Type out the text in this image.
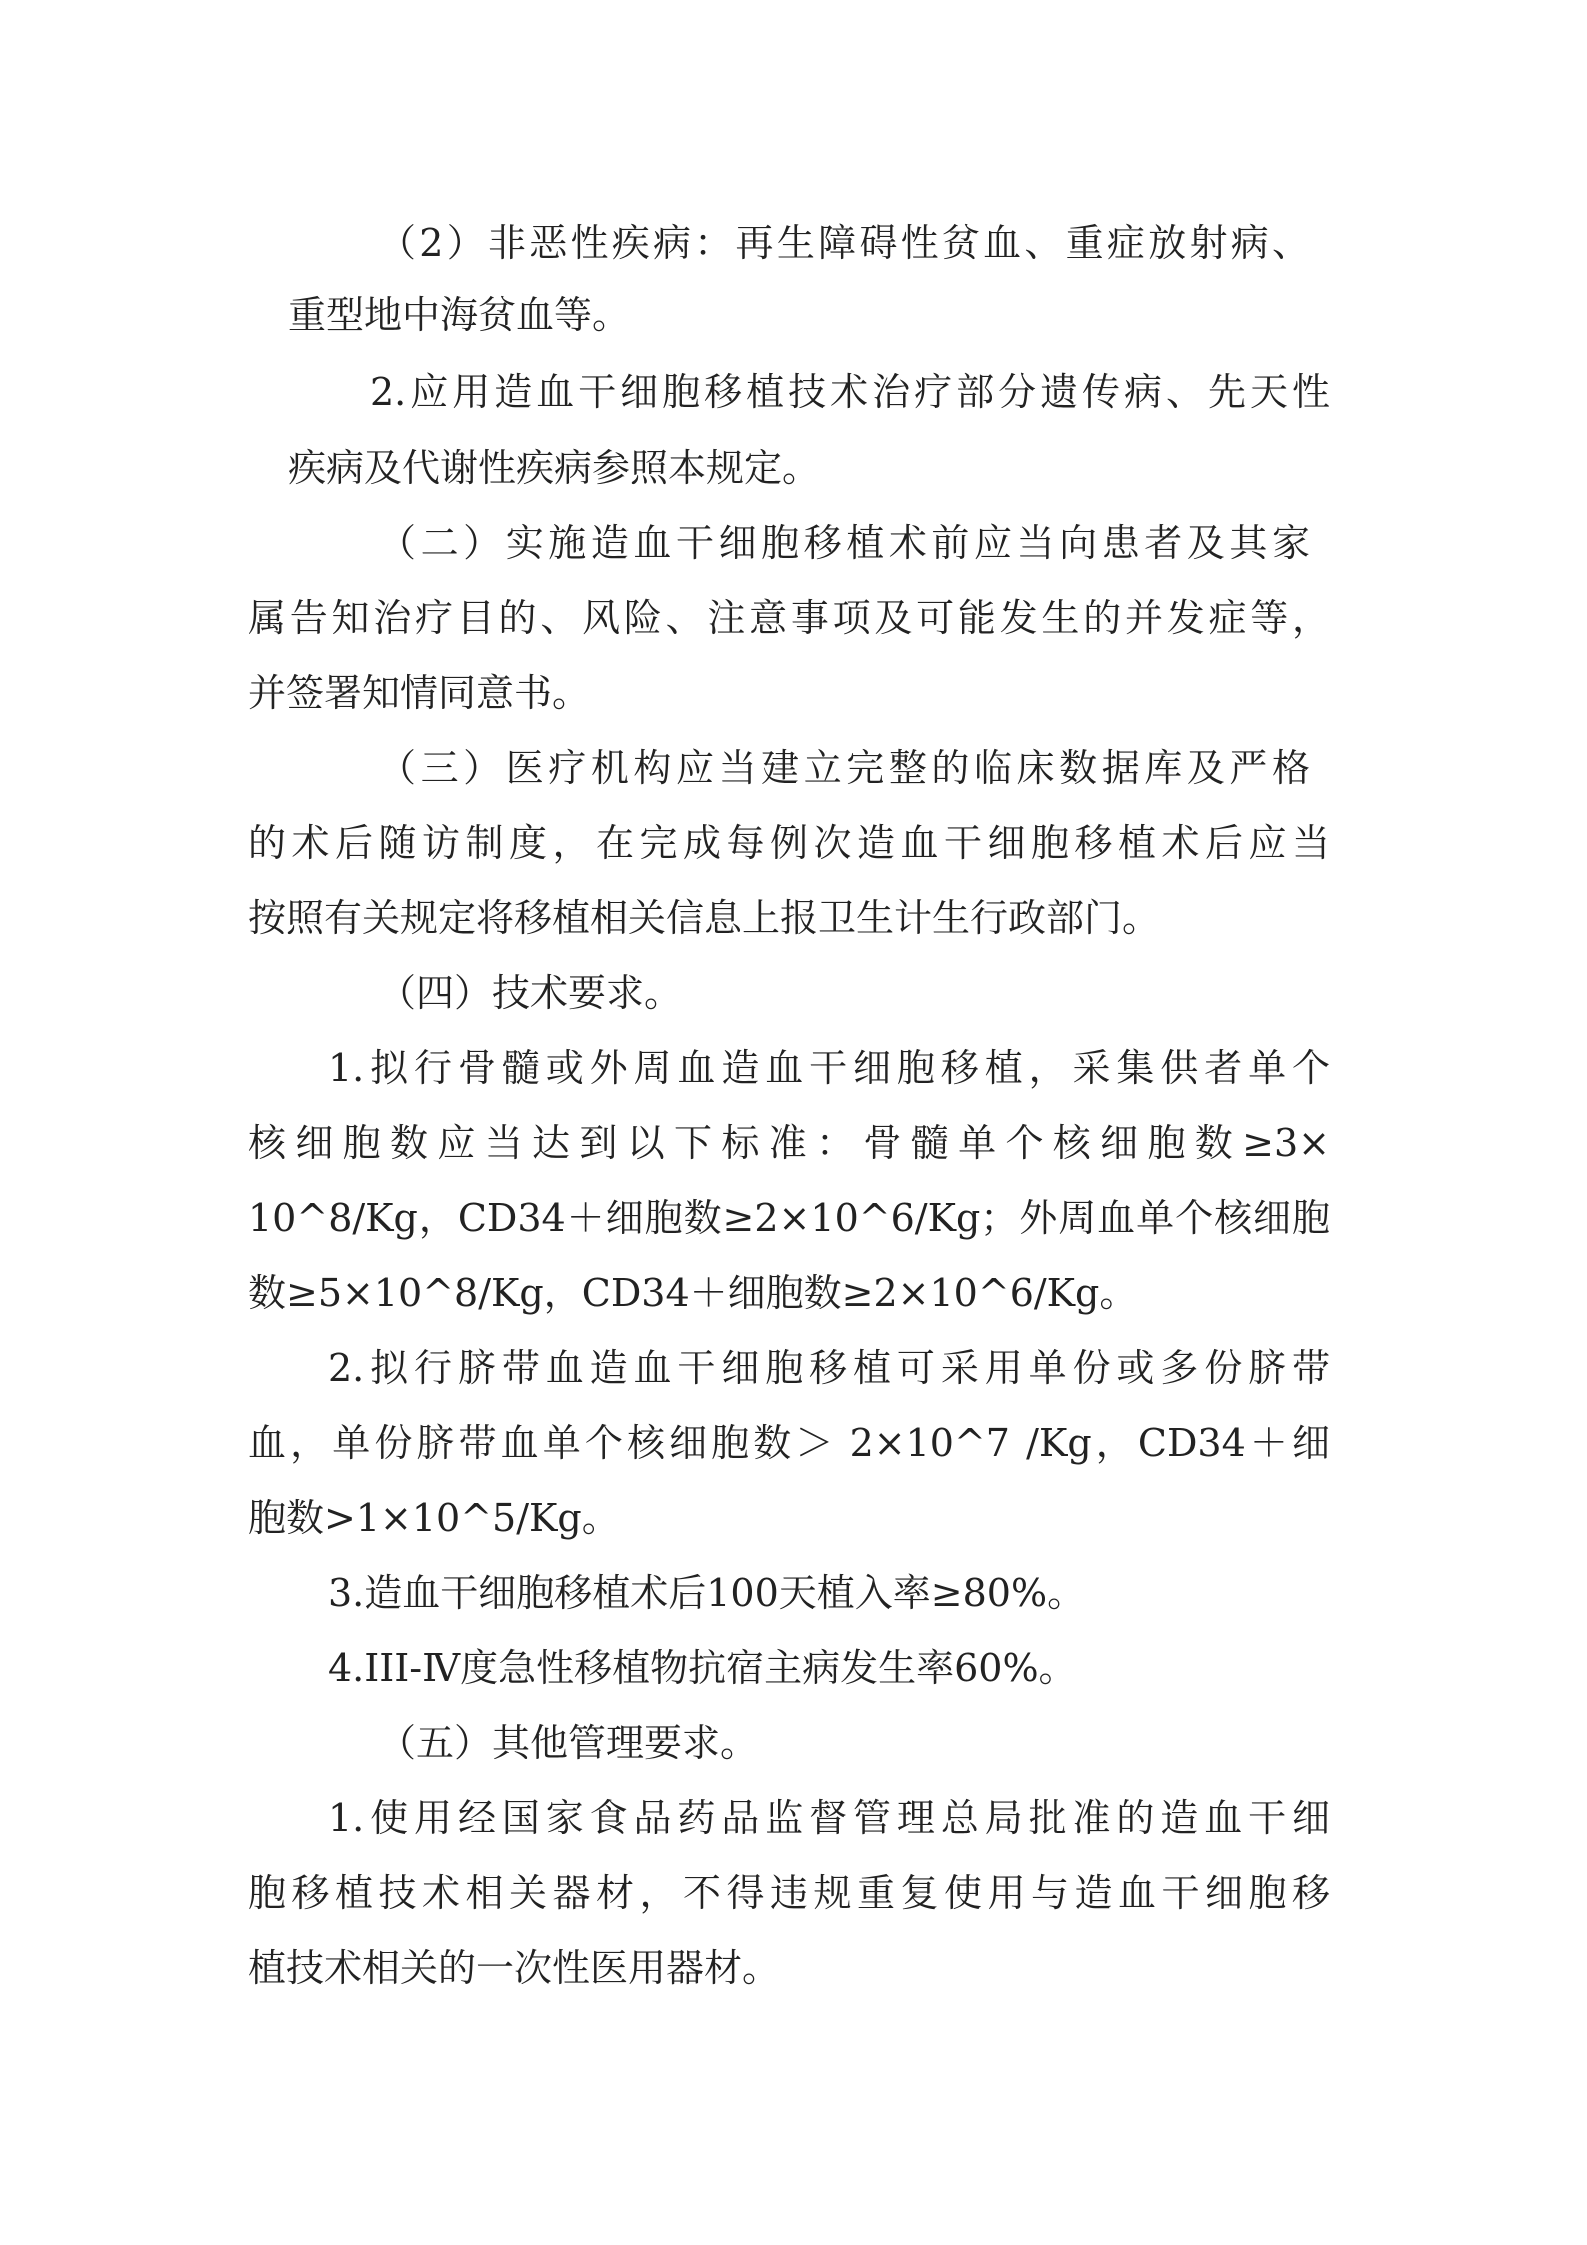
（2）非恶性疾病：再生障碍性贫血、重症放射病、
重型地中海贫血等。
2.应用造血干细胞移植技术治疗部分遗传病、先天性
疾病及代谢性疾病参照本规定。
（二）实施造血干细胞移植术前应当向患者及其家
属告知治疗目的、风险、注意事项及可能发生的并发症等，
并签署知情同意书。
（三）医疗机构应当建立完整的临床数据库及严格
的术后随访制度，在完成每例次造血干细胞移植术后应当
按照有关规定将移植相关信息上报卫生计生行政部门。
（四）技术要求。
1.拟行骨髓或外周血造血干细胞移植，采集供者单个
核细胞数应当达到以下标准：骨髓单个核细胞数≥3×
10^8/Kg，CD34＋细胞数≥2×10^6/Kg；外周血单个核细胞
数≥5×10^8/Kg，CD34＋细胞数≥2×10^6/Kg。
2.拟行脐带血造血干细胞移植可采用单份或多份脐带
血，单份脐带血单个核细胞数＞ 2×10^7 /Kg，CD34＋细
胞数>1×10^5/Kg。
3.造血干细胞移植术后100天植入率≥80%。
4.III-Ⅳ度急性移植物抗宿主病发生率60%。
（五）其他管理要求。
1.使用经国家食品药品监督管理总局批准的造血干细
胞移植技术相关器材，不得违规重复使用与造血干细胞移
植技术相关的一次性医用器材。
